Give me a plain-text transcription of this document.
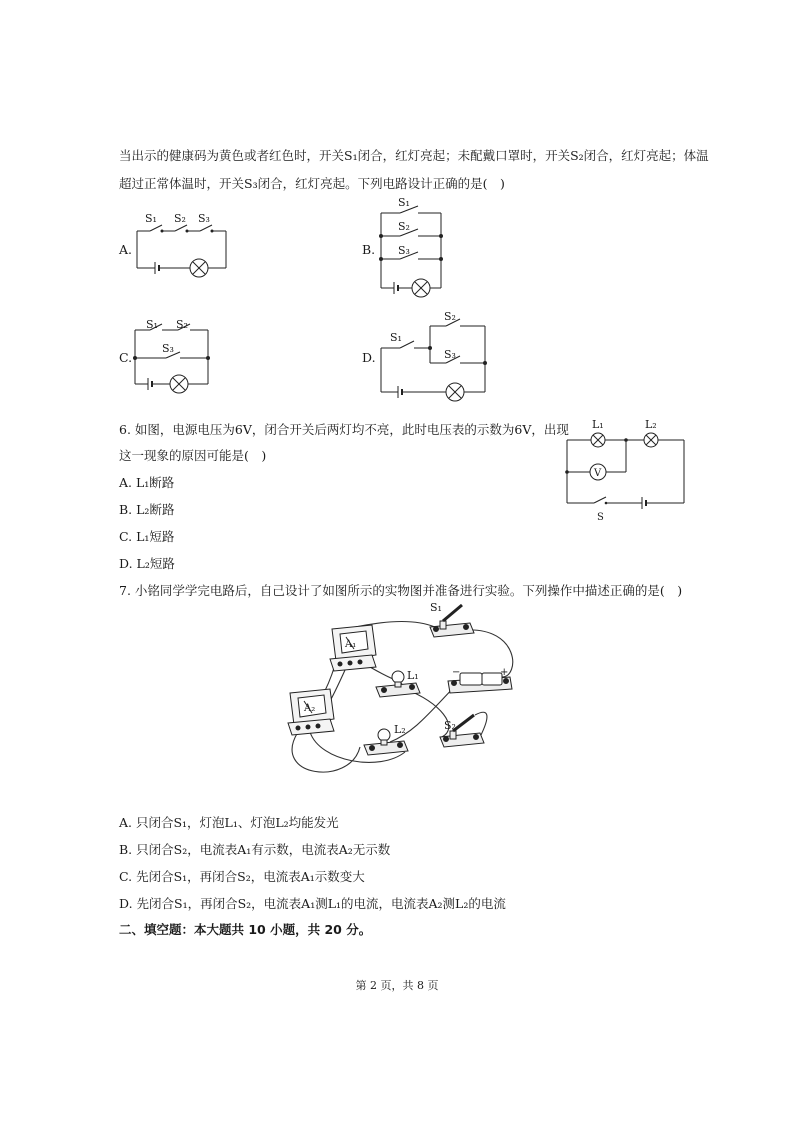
当出示的健康码为黄色或者红色时，开关S₁闭合，红灯亮起；未配戴口罩时，开关S₂闭合，红灯亮起；体温
超过正常体温时，开关S₃闭合，红灯亮起。下列电路设计正确的是(　)
A.	B.
C.	D.
S₁ S₂ S₃
S₁
S₂
S₃
S₁ S₂
S₃
S₁
S₂
S₃
6. 如图，电源电压为6V，闭合开关后两灯均不亮，此时电压表的示数为6V，出现
这一现象的原因可能是(　)
A. L₁断路
B. L₂断路
C. L₁短路
D. L₂短路
L₁	L₂
V
S
7. 小铭同学学完电路后，自己设计了如图所示的实物图并准备进行实验。下列操作中描述正确的是(　)
A₁
A₂
S₁
L₁	−	+
L₂	S₂
A. 只闭合S₁，灯泡L₁、灯泡L₂均能发光
B. 只闭合S₂，电流表A₁有示数，电流表A₂无示数
C. 先闭合S₁，再闭合S₂，电流表A₁示数变大
D. 先闭合S₁，再闭合S₂，电流表A₁测L₁的电流，电流表A₂测L₂的电流
二、填空题：本大题共 10 小题，共 20 分。
第 2 页，共 8 页
